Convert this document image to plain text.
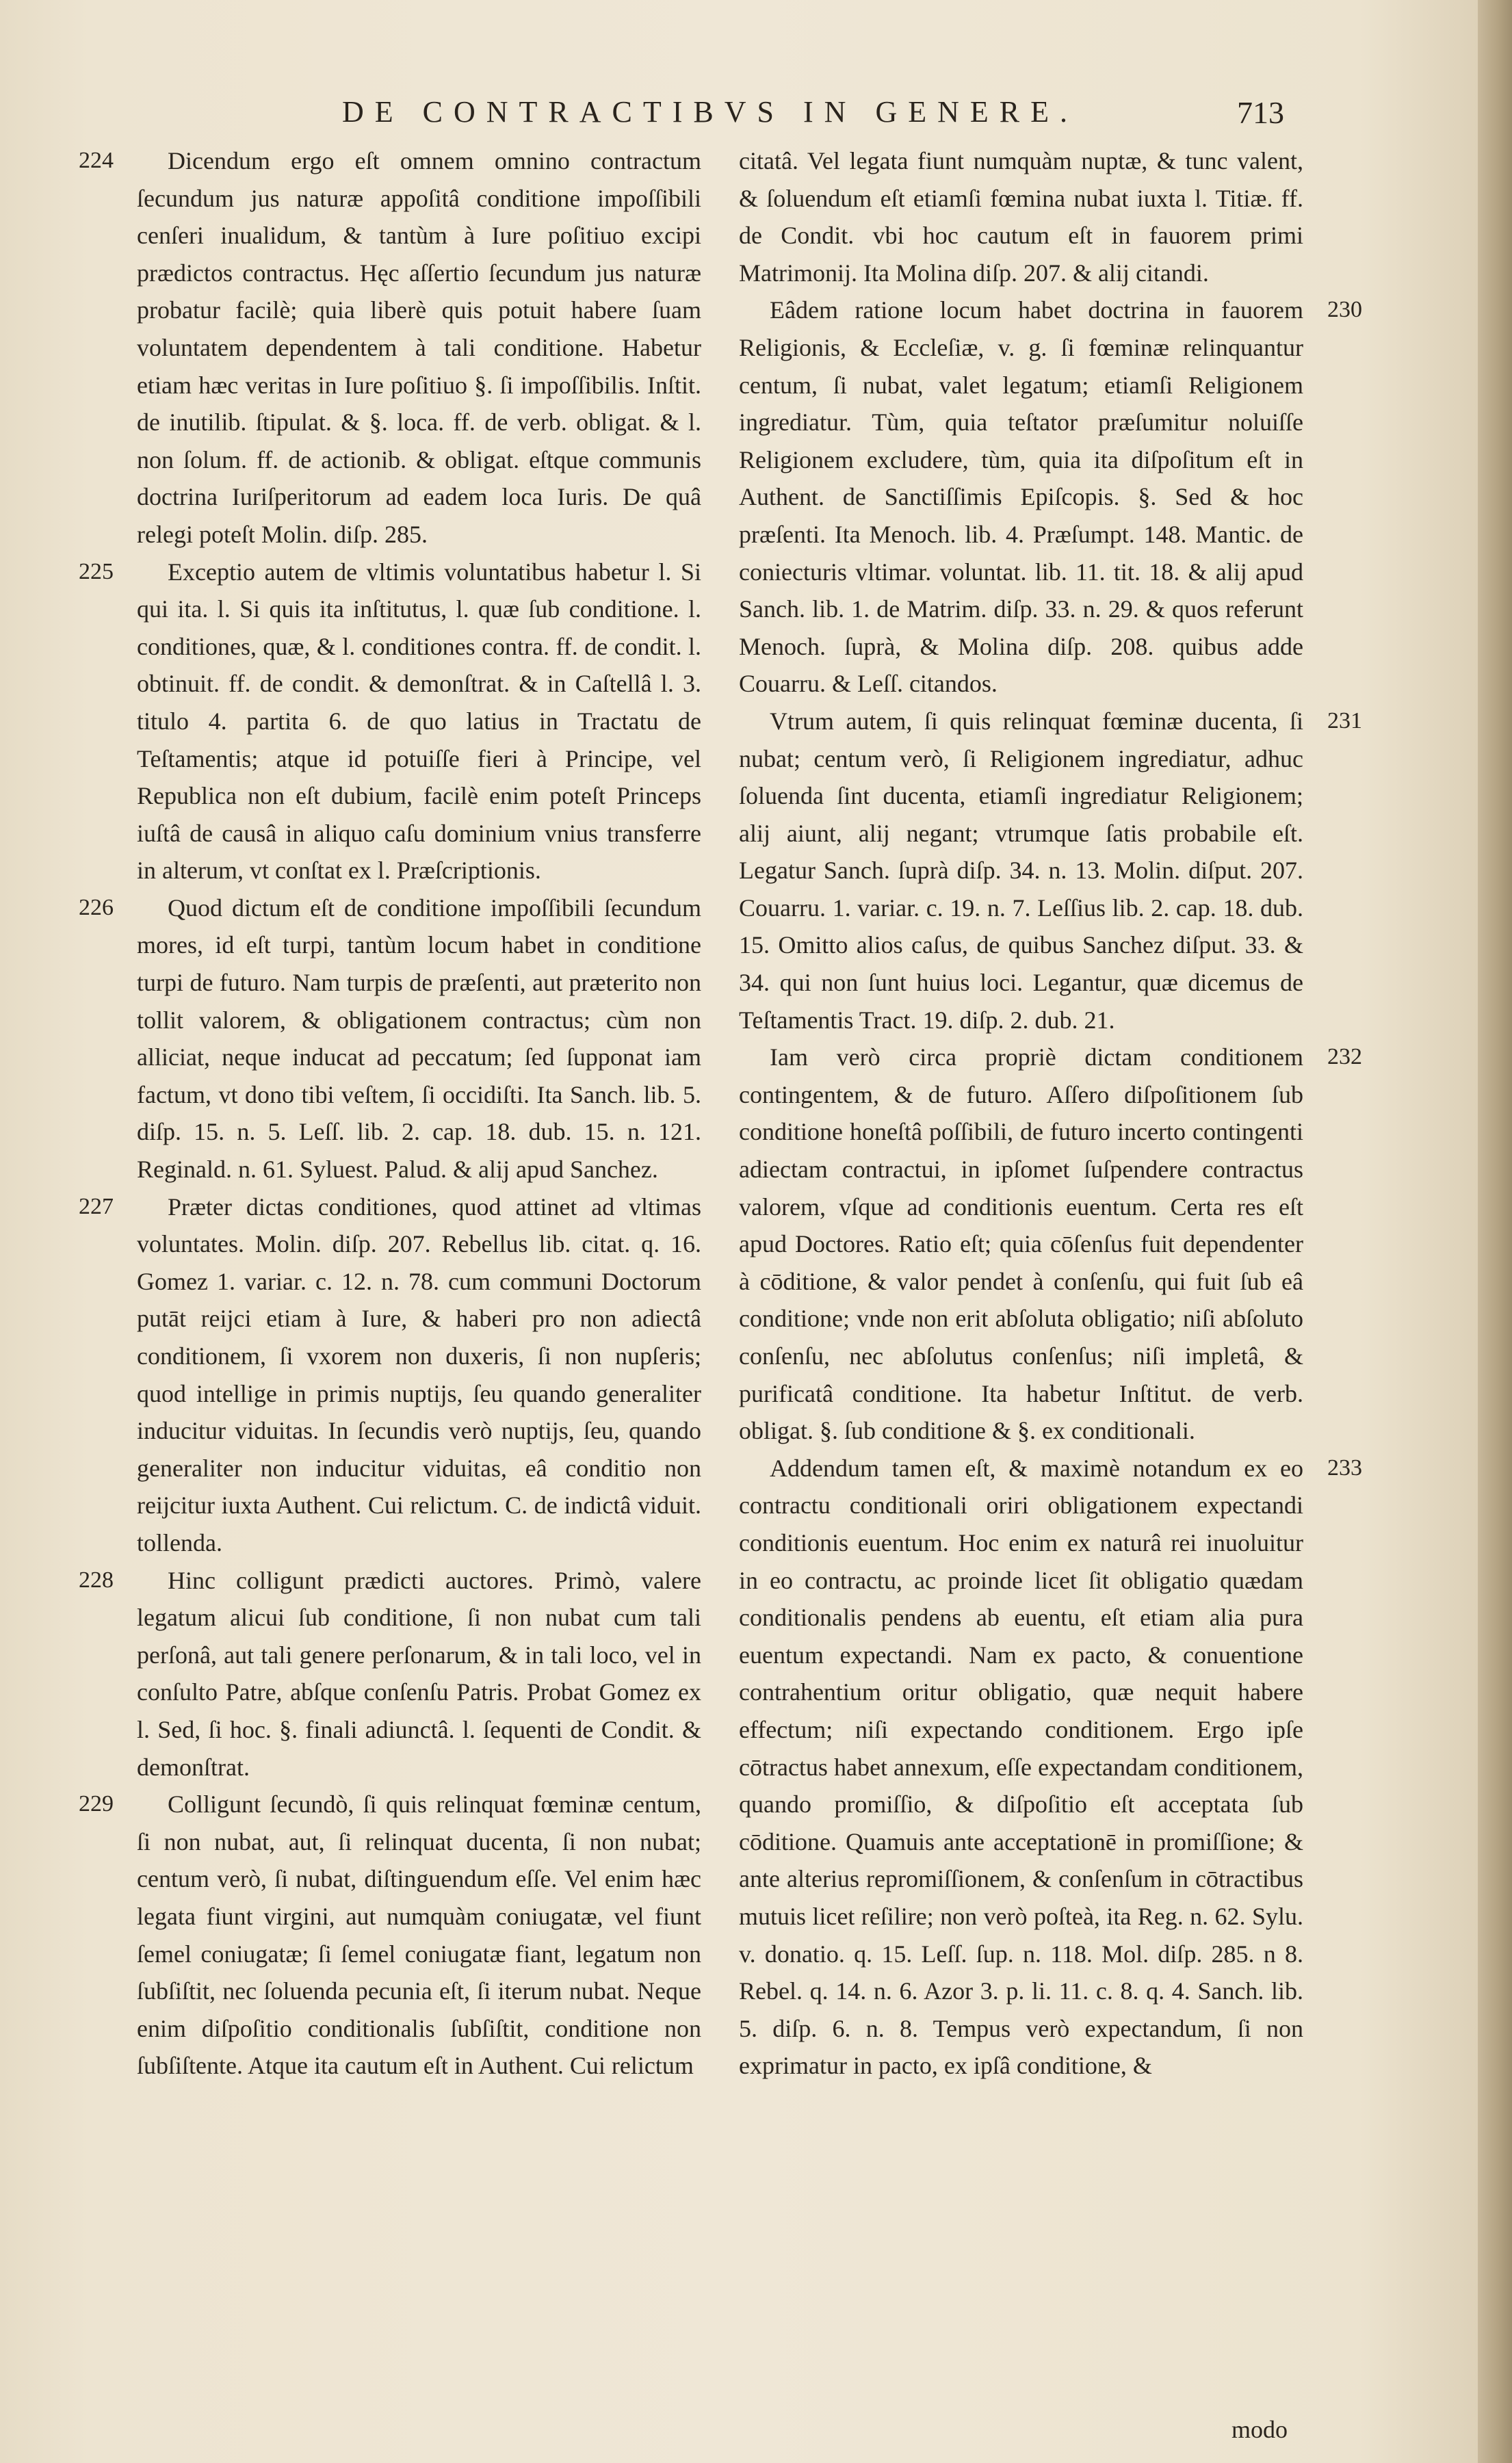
DE CONTRACTIBVS IN GENERE.	713

224 Dicendum ergo eſt omnem omnino contractum ſecundum jus naturæ appoſitâ conditione impoſſibili cenſeri inualidum, & tantùm à Iure poſitiuo excipi prædictos contractus. Hęc aſſertio ſecundum jus naturæ probatur facilè; quia liberè quis potuit habere ſuam voluntatem dependentem à tali conditione. Habetur etiam hæc veritas in Iure poſitiuo §. ſi impoſſibilis. Inſtit. de inutilib. ſtipulat. & §. loca. ff. de verb. obligat. & l. non ſolum. ff. de actionib. & obligat. eſtque communis doctrina Iuriſperitorum ad eadem loca Iuris. De quâ relegi poteſt Molin. diſp. 285.

225 Exceptio autem de vltimis voluntatibus habetur l. Si qui ita. l. Si quis ita inſtitutus, l. quæ ſub conditione. l. conditiones, quæ, & l. conditiones contra. ff. de condit. l. obtinuit. ff. de condit. & demonſtrat. & in Caſtellâ l. 3. titulo 4. partita 6. de quo latius in Tractatu de Teſtamentis; atque id potuiſſe fieri à Principe, vel Republica non eſt dubium, facilè enim poteſt Princeps iuſtâ de causâ in aliquo caſu dominium vnius transferre in alterum, vt conſtat ex l. Præſcriptionis.

226 Quod dictum eſt de conditione impoſſibili ſecundum mores, id eſt turpi, tantùm locum habet in conditione turpi de futuro. Nam turpis de præſenti, aut præterito non tollit valorem, & obligationem contractus; cùm non alliciat, neque inducat ad peccatum; ſed ſupponat iam factum, vt dono tibi veſtem, ſi occidiſti. Ita Sanch. lib. 5. diſp. 15. n. 5. Leſſ. lib. 2. cap. 18. dub. 15. n. 121. Reginald. n. 61. Syluest. Palud. & alij apud Sanchez.

227 Præter dictas conditiones, quod attinet ad vltimas voluntates. Molin. diſp. 207. Rebellus lib. citat. q. 16. Gomez 1. variar. c. 12. n. 78. cum communi Doctorum putāt reijci etiam à Iure, & haberi pro non adiectâ conditionem, ſi vxorem non duxeris, ſi non nupſeris; quod intellige in primis nuptijs, ſeu quando generaliter inducitur viduitas. In ſecundis verò nuptijs, ſeu, quando generaliter non inducitur viduitas, eâ conditio non reijcitur iuxta Authent. Cui relictum. C. de indictâ viduit. tollenda.

228 Hinc colligunt prædicti auctores. Primò, valere legatum alicui ſub conditione, ſi non nubat cum tali perſonâ, aut tali genere perſonarum, & in tali loco, vel in conſulto Patre, abſque conſenſu Patris. Probat Gomez ex l. Sed, ſi hoc. §. finali adiunctâ. l. ſequenti de Condit. & demonſtrat.

229 Colligunt ſecundò, ſi quis relinquat fœminæ centum, ſi non nubat, aut, ſi relinquat ducenta, ſi non nubat; centum verò, ſi nubat, diſtinguendum eſſe. Vel enim hæc legata fiunt virgini, aut numquàm coniugatæ, vel fiunt ſemel coniugatæ; ſi ſemel coniugatæ fiant, legatum non ſubſiſtit, nec ſoluenda pecunia eſt, ſi iterum nubat. Neque enim diſpoſitio conditionalis ſubſiſtit, conditione non ſubſiſtente. Atque ita cautum eſt in Authent. Cui relictum

citatâ. Vel legata fiunt numquàm nuptæ, & tunc valent, & ſoluendum eſt etiamſi fœmina nubat iuxta l. Titiæ. ff. de Condit. vbi hoc cautum eſt in fauorem primi Matrimonij. Ita Molina diſp. 207. & alij citandi.

230
Eâdem ratione locum habet doctrina in fauorem Religionis, & Eccleſiæ, v. g. ſi fœminæ relinquantur centum, ſi nubat, valet legatum; etiamſi Religionem ingrediatur. Tùm, quia teſtator præſumitur noluiſſe Religionem excludere, tùm, quia ita diſpoſitum eſt in Authent. de Sanctiſſimis Epiſcopis. §. Sed & hoc præſenti. Ita Menoch. lib. 4. Præſumpt. 148. Mantic. de coniecturis vltimar. voluntat. lib. 11. tit. 18. & alij apud Sanch. lib. 1. de Matrim. diſp. 33. n. 29. & quos referunt Menoch. ſuprà, & Molina diſp. 208. quibus adde Couarru. & Leſſ. citandos.

231
Vtrum autem, ſi quis relinquat fœminæ ducenta, ſi nubat; centum verò, ſi Religionem ingrediatur, adhuc ſoluenda ſint ducenta, etiamſi ingrediatur Religionem; alij aiunt, alij negant; vtrumque ſatis probabile eſt. Legatur Sanch. ſuprà diſp. 34. n. 13. Molin. diſput. 207. Couarru. 1. variar. c. 19. n. 7. Leſſius lib. 2. cap. 18. dub. 15. Omitto alios caſus, de quibus Sanchez diſput. 33. & 34. qui non ſunt huius loci. Legantur, quæ dicemus de Teſtamentis Tract. 19. diſp. 2. dub. 21.

232
Iam verò circa propriè dictam conditionem contingentem, & de futuro. Aſſero diſpoſitionem ſub conditione honeſtâ poſſibili, de futuro incerto contingenti adiectam contractui, in ipſomet ſuſpendere contractus valorem, vſque ad conditionis euentum. Certa res eſt apud Doctores. Ratio eſt; quia cōſenſus fuit dependenter à cōditione, & valor pendet à conſenſu, qui fuit ſub eâ conditione; vnde non erit abſoluta obligatio; niſi abſoluto conſenſu, nec abſolutus conſenſus; niſi impletâ, & purificatâ conditione. Ita habetur Inſtitut. de verb. obligat. §. ſub conditione & §. ex conditionali.

233
Addendum tamen eſt, & maximè notandum ex eo contractu conditionali oriri obligationem expectandi conditionis euentum. Hoc enim ex naturâ rei inuoluitur in eo contractu, ac proinde licet ſit obligatio quædam conditionalis pendens ab euentu, eſt etiam alia pura euentum expectandi. Nam ex pacto, & conuentione contrahentium oritur obligatio, quæ nequit habere effectum; niſi expectando conditionem. Ergo ipſe cōtractus habet annexum, eſſe expectandam conditionem, quando promiſſio, & diſpoſitio eſt acceptata ſub cōditione. Quamuis ante acceptationē in promiſſione; & ante alterius repromiſſionem, & conſenſum in cōtractibus mutuis licet reſilire; non verò poſteà, ita Reg. n. 62. Sylu. v. donatio. q. 15. Leſſ. ſup. n. 118. Mol. diſp. 285. n 8. Rebel. q. 14. n. 6. Azor 3. p. li. 11. c. 8. q. 4. Sanch. lib. 5. diſp. 6. n. 8. Tempus verò expectandum, ſi non exprimatur in pacto, ex ipſâ conditione, &

modo
